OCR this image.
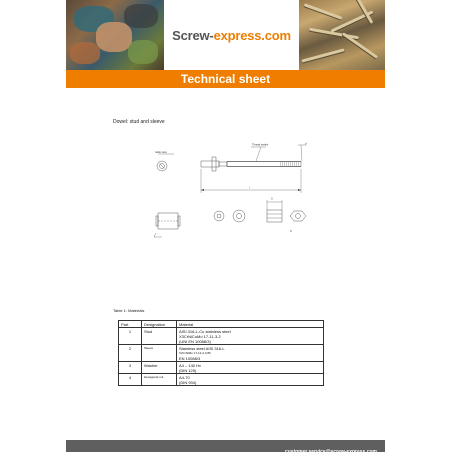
Screw-express.com
Technical sheet
Dowel: stud and sleeve
rattle view
Thread earths
l
d
S
S
Table 1: Materials
Part	Designation	Material
1	Stud	AISI 316-L-Cu stainless steel
X3CrNiCuMo 17-11-3-2
(UNI EN 10088/3)

2	Sleeve	Stainless steel AISI 316-L
X2CrNiMo 17-12-2,3,86
EN 10088/3

3	Washer	A4 – 140 Hv
(DIN 125)

4	Hexagonal nut	A4-70
(DIN 934)
customer.service@screw-express.com
